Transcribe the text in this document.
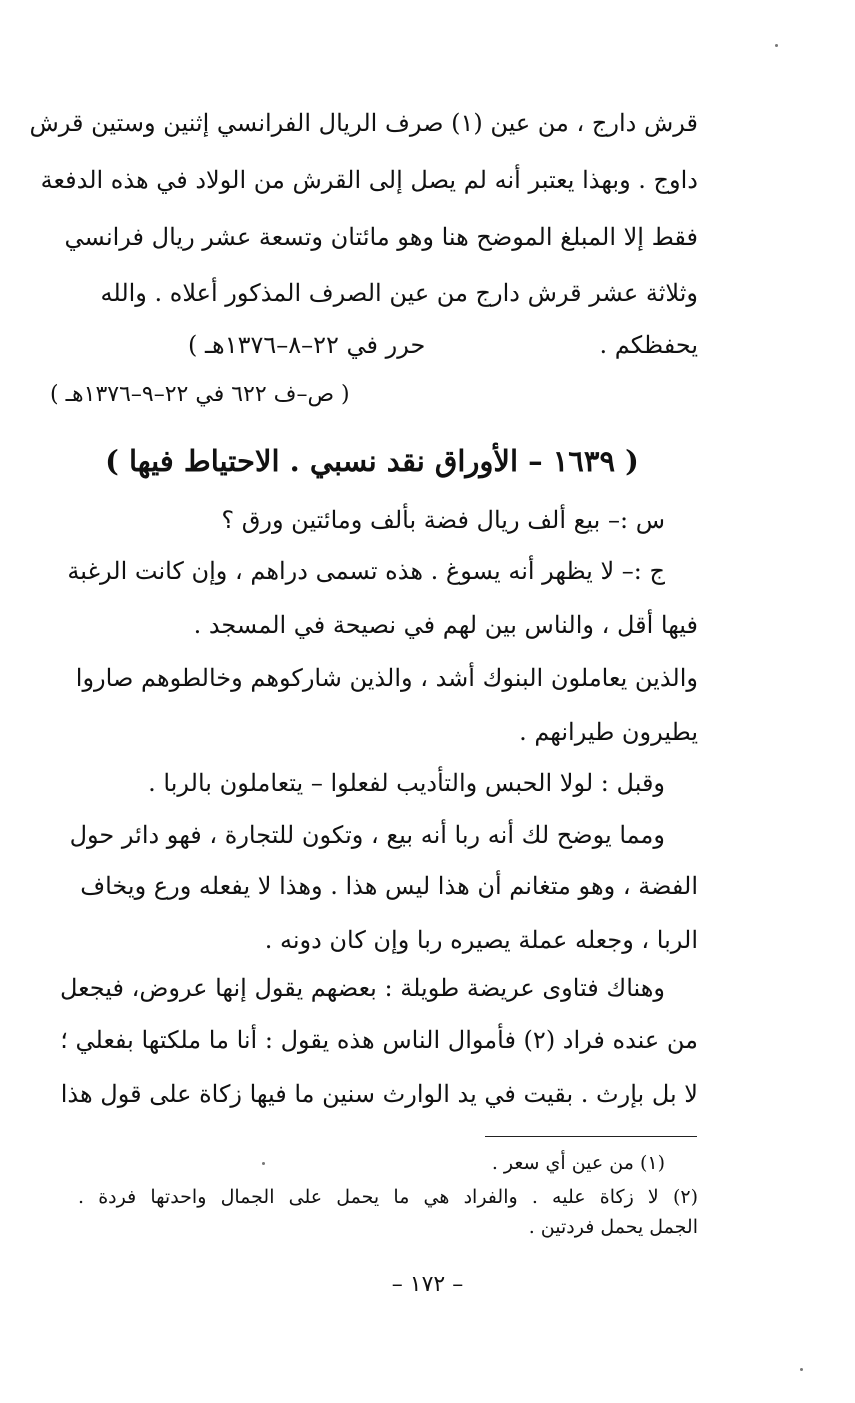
قرش دارج ، من عين (١) صرف الريال الفرانسي إثنين وستين قرش
داوج . وبهذا يعتبر أنه لم يصل إلى القرش من الولاد في هذه الدفعة
فقط إلا المبلغ الموضح هنا وهو مائتان وتسعة عشر ريال فرانسي
وثلاثة عشر قرش دارج من عين الصرف المذكور أعلاه . والله
يحفظكم .
حرر في ٢٢–٨–١٣٧٦هـ )
( ص–ف ٦٢٢ في ٢٢–٩–١٣٧٦هـ )
( ١٦٣٩ – الأوراق نقد نسبي . الاحتياط فيها )
س :– بيع ألف ريال فضة بألف ومائتين ورق ؟
ج :– لا يظهر أنه يسوغ . هذه تسمى دراهم ، وإن كانت الرغبة
فيها أقل ، والناس بين لهم في نصيحة في المسجد .
والذين يعاملون البنوك أشد ، والذين شاركوهم وخالطوهم صاروا
يطيرون طيرانهم .
وقبل : لولا الحبس والتأديب لفعلوا – يتعاملون بالربا .
ومما يوضح لك أنه ربا أنه بيع ، وتكون للتجارة ، فهو دائر حول
الفضة ، وهو متغانم أن هذا ليس هذا . وهذا لا يفعله ورع ويخاف
الربا ، وجعله عملة يصيره ربا وإن كان دونه .
وهناك فتاوى عريضة طويلة : بعضهم يقول إنها عروض، فيجعل
من عنده فراد (٢) فأموال الناس هذه يقول : أنا ما ملكتها بفعلي ؛
لا بل بإرث . بقيت في يد الوارث سنين ما فيها زكاة على قول هذا
(١) من عين أي سعر .
(٢) لا زكاة عليه . والفراد هي ما يحمل على الجمال واحدتها فردة .
الجمل يحمل فردتين .
– ١٧٢ –
